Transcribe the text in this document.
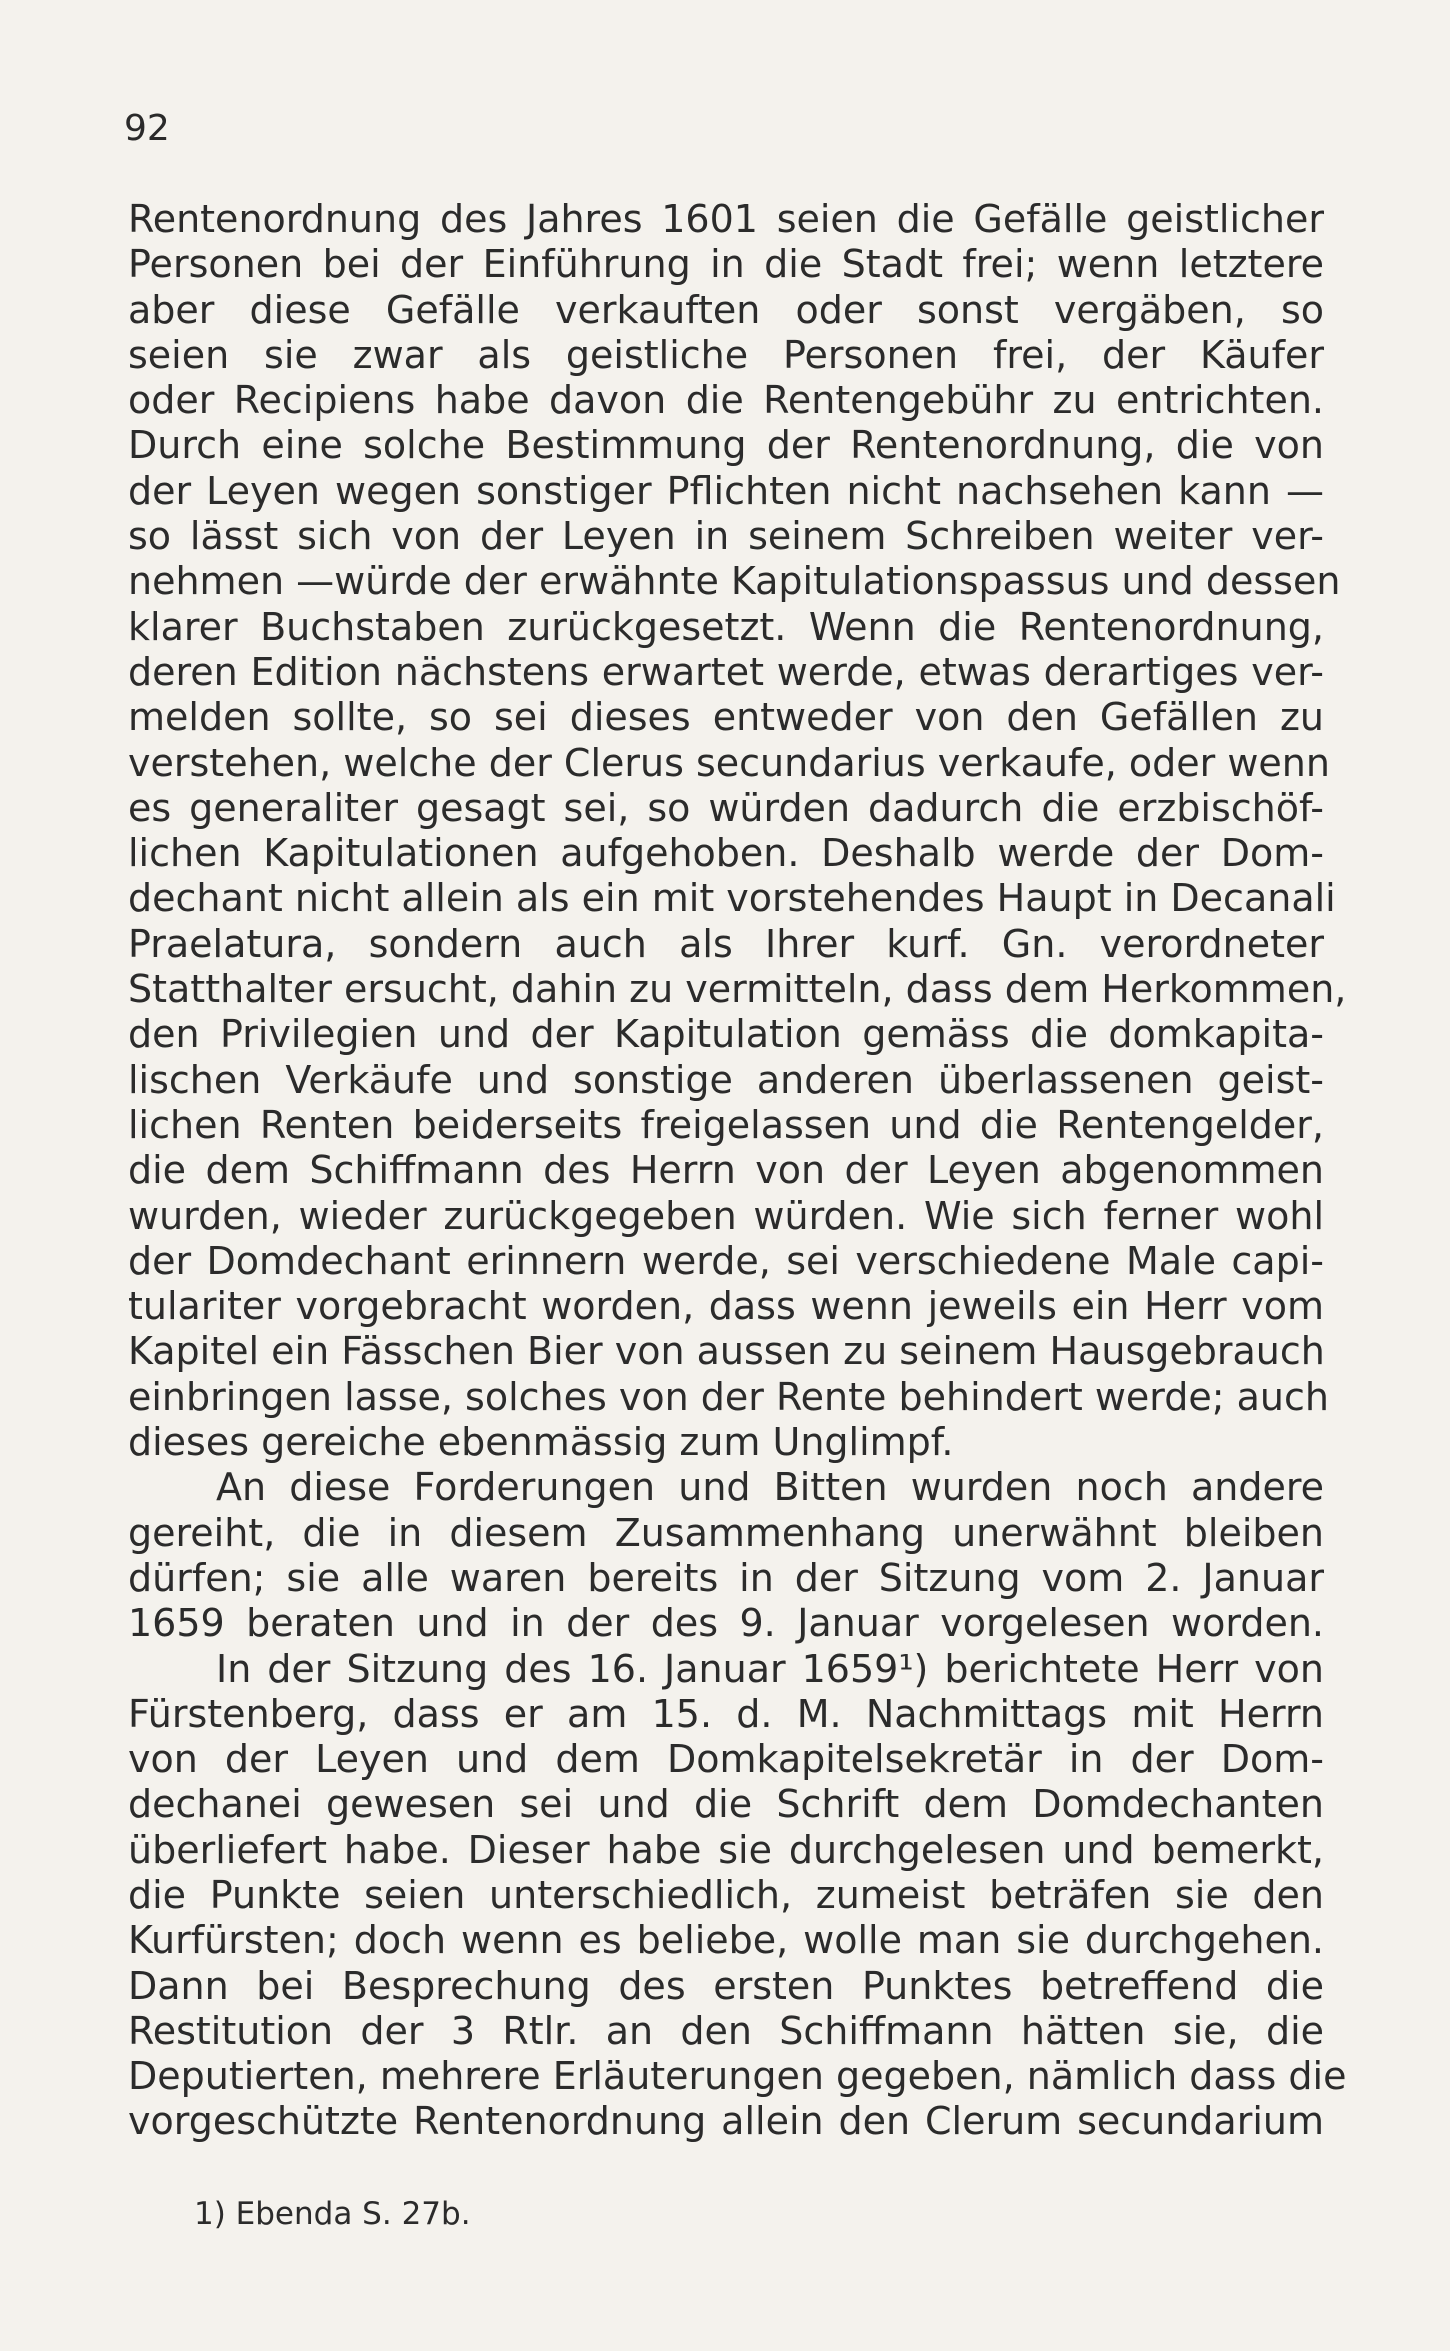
92
Rentenordnung des Jahres 1601 seien die Gefälle geistlicher
Personen bei der Einführung in die Stadt frei; wenn letztere
aber diese Gefälle verkauften oder sonst vergäben, so
seien sie zwar als geistliche Personen frei, der Käufer
oder Recipiens habe davon die Rentengebühr zu entrichten.
Durch eine solche Bestimmung der Rentenordnung, die von
der Leyen wegen sonstiger Pflichten nicht nachsehen kann —
so lässt sich von der Leyen in seinem Schreiben weiter ver-
nehmen —würde der erwähnte Kapitulationspassus und dessen
klarer Buchstaben zurückgesetzt. Wenn die Rentenordnung,
deren Edition nächstens erwartet werde, etwas derartiges ver-
melden sollte, so sei dieses entweder von den Gefällen zu
verstehen, welche der Clerus secundarius verkaufe, oder wenn
es generaliter gesagt sei, so würden dadurch die erzbischöf-
lichen Kapitulationen aufgehoben. Deshalb werde der Dom-
dechant nicht allein als ein mit vorstehendes Haupt in Decanali
Praelatura, sondern auch als Ihrer kurf. Gn. verordneter
Statthalter ersucht, dahin zu vermitteln, dass dem Herkommen,
den Privilegien und der Kapitulation gemäss die domkapita-
lischen Verkäufe und sonstige anderen überlassenen geist-
lichen Renten beiderseits freigelassen und die Rentengelder,
die dem Schiffmann des Herrn von der Leyen abgenommen
wurden, wieder zurückgegeben würden. Wie sich ferner wohl
der Domdechant erinnern werde, sei verschiedene Male capi-
tulariter vorgebracht worden, dass wenn jeweils ein Herr vom
Kapitel ein Fässchen Bier von aussen zu seinem Hausgebrauch
einbringen lasse, solches von der Rente behindert werde; auch
dieses gereiche ebenmässig zum Unglimpf.
An diese Forderungen und Bitten wurden noch andere
gereiht, die in diesem Zusammenhang unerwähnt bleiben
dürfen; sie alle waren bereits in der Sitzung vom 2. Januar
1659 beraten und in der des 9. Januar vorgelesen worden.
In der Sitzung des 16. Januar 1659¹) berichtete Herr von
Fürstenberg, dass er am 15. d. M. Nachmittags mit Herrn
von der Leyen und dem Domkapitelsekretär in der Dom-
dechanei gewesen sei und die Schrift dem Domdechanten
überliefert habe. Dieser habe sie durchgelesen und bemerkt,
die Punkte seien unterschiedlich, zumeist beträfen sie den
Kurfürsten; doch wenn es beliebe, wolle man sie durchgehen.
Dann bei Besprechung des ersten Punktes betreffend die
Restitution der 3 Rtlr. an den Schiffmann hätten sie, die
Deputierten, mehrere Erläuterungen gegeben, nämlich dass die
vorgeschützte Rentenordnung allein den Clerum secundarium
1) Ebenda S. 27b.
